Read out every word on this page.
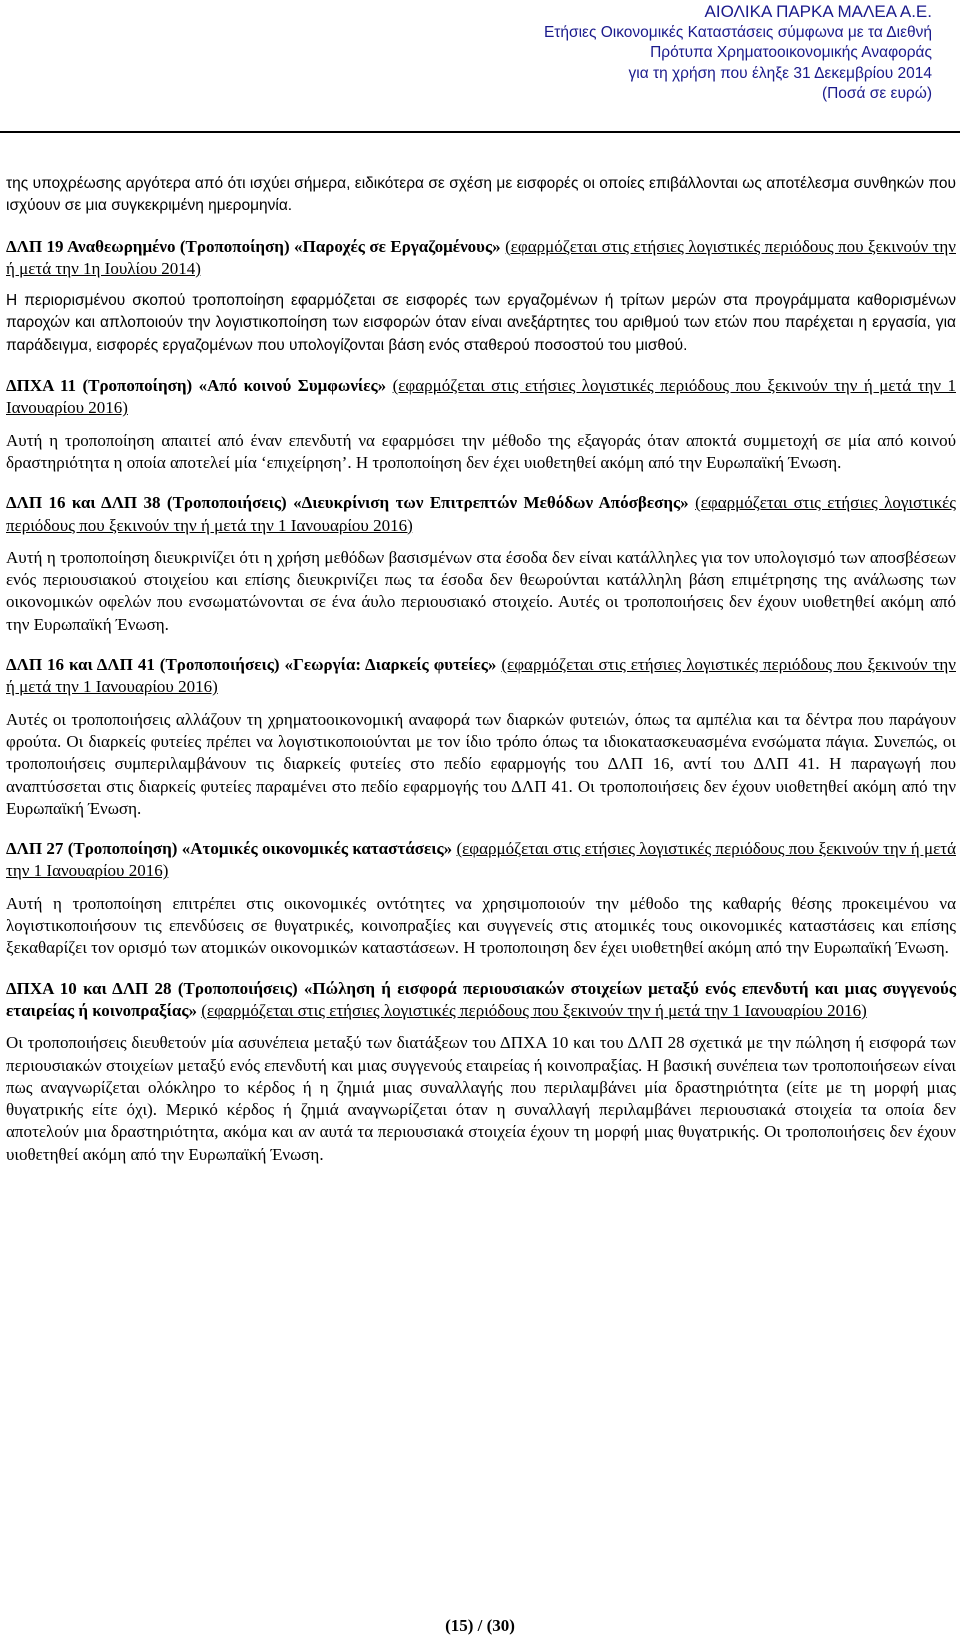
ΑΙΟΛΙΚΑ ΠΑΡΚΑ ΜΑΛΕΑ Α.Ε.
Ετήσιες Οικονομικές Καταστάσεις σύμφωνα με τα Διεθνή
Πρότυπα Χρηματοοικονομικής Αναφοράς
για τη χρήση που έληξε 31 Δεκεμβρίου 2014
(Ποσά σε ευρώ)

της υποχρέωσης αργότερα από ότι ισχύει σήμερα, ειδικότερα σε σχέση με εισφορές οι οποίες επιβάλλονται ως αποτέλεσμα συνθηκών που ισχύουν σε μια συγκεκριμένη ημερομηνία.

ΔΛΠ 19 Αναθεωρημένο (Τροποποίηση) «Παροχές σε Εργαζομένους» (εφαρμόζεται στις ετήσιες λογιστικές περιόδους που ξεκινούν την ή μετά την 1η Ιουλίου 2014)

Η περιορισμένου σκοπού τροποποίηση εφαρμόζεται σε εισφορές των εργαζομένων ή τρίτων μερών στα προγράμματα καθορισμένων παροχών και απλοποιούν την λογιστικοποίηση των εισφορών όταν είναι ανεξάρτητες του αριθμού των ετών που παρέχεται η εργασία, για παράδειγμα, εισφορές εργαζομένων που υπολογίζονται βάση ενός σταθερού ποσοστού του μισθού.

ΔΠΧΑ 11 (Τροποποίηση) «Από κοινού Συμφωνίες» (εφαρμόζεται στις ετήσιες λογιστικές περιόδους που ξεκινούν την ή μετά την 1 Ιανουαρίου 2016)

Αυτή η τροποποίηση απαιτεί από έναν επενδυτή να εφαρμόσει την μέθοδο της εξαγοράς όταν αποκτά συμμετοχή σε μία από κοινού δραστηριότητα η οποία αποτελεί μία ‘επιχείρηση’. Η τροποποίηση δεν έχει υιοθετηθεί ακόμη από την Ευρωπαϊκή Ένωση.

ΔΛΠ 16 και ΔΛΠ 38 (Τροποποιήσεις) «Διευκρίνιση των Επιτρεπτών Μεθόδων Απόσβεσης» (εφαρμόζεται στις ετήσιες λογιστικές περιόδους που ξεκινούν την ή μετά την 1 Ιανουαρίου 2016)

Αυτή η τροποποίηση διευκρινίζει ότι η χρήση μεθόδων βασισμένων στα έσοδα δεν είναι κατάλληλες για τον υπολογισμό των αποσβέσεων ενός περιουσιακού στοιχείου και επίσης διευκρινίζει πως τα έσοδα δεν θεωρούνται κατάλληλη βάση επιμέτρησης της ανάλωσης των οικονομικών οφελών που ενσωματώνονται σε ένα άυλο περιουσιακό στοιχείο. Αυτές οι τροποποιήσεις δεν έχουν υιοθετηθεί ακόμη από την Ευρωπαϊκή Ένωση.

ΔΛΠ 16 και ΔΛΠ 41 (Τροποποιήσεις) «Γεωργία: Διαρκείς φυτείες» (εφαρμόζεται στις ετήσιες λογιστικές περιόδους που ξεκινούν την ή μετά την 1 Ιανουαρίου 2016)

Αυτές οι τροποποιήσεις αλλάζουν τη χρηματοοικονομική αναφορά των διαρκών φυτειών, όπως τα αμπέλια και τα δέντρα που παράγουν φρούτα. Οι διαρκείς φυτείες πρέπει να λογιστικοποιούνται με τον ίδιο τρόπο όπως τα ιδιοκατασκευασμένα ενσώματα πάγια. Συνεπώς, οι τροποποιήσεις συμπεριλαμβάνουν τις διαρκείς φυτείες στο πεδίο εφαρμογής του ΔΛΠ 16, αντί του ΔΛΠ 41. Η παραγωγή που αναπτύσσεται στις διαρκείς φυτείες παραμένει στο πεδίο εφαρμογής του ΔΛΠ 41. Οι τροποποιήσεις δεν έχουν υιοθετηθεί ακόμη από την Ευρωπαϊκή Ένωση.

ΔΛΠ 27 (Τροποποίηση) «Ατομικές οικονομικές καταστάσεις» (εφαρμόζεται στις ετήσιες λογιστικές περιόδους που ξεκινούν την ή μετά την 1 Ιανουαρίου 2016)

Αυτή η τροποποίηση επιτρέπει στις οικονομικές οντότητες να χρησιμοποιούν την μέθοδο της καθαρής θέσης προκειμένου να λογιστικοποιήσουν τις επενδύσεις σε θυγατρικές, κοινοπραξίες και συγγενείς στις ατομικές τους οικονομικές καταστάσεις και επίσης ξεκαθαρίζει τον ορισμό των ατομικών οικονομικών καταστάσεων. Η τροποποιηση δεν έχει υιοθετηθεί ακόμη από την Ευρωπαϊκή Ένωση.

ΔΠΧΑ 10 και ΔΛΠ 28 (Τροποποιήσεις) «Πώληση ή εισφορά περιουσιακών στοιχείων μεταξύ ενός επενδυτή και μιας συγγενούς εταιρείας ή κοινοπραξίας» (εφαρμόζεται στις ετήσιες λογιστικές περιόδους που ξεκινούν την ή μετά την 1 Ιανουαρίου 2016)

Οι τροποποιήσεις διευθετούν μία ασυνέπεια μεταξύ των διατάξεων του ΔΠΧΑ 10 και του ΔΛΠ 28 σχετικά με την πώληση ή εισφορά των περιουσιακών στοιχείων μεταξύ ενός επενδυτή και μιας συγγενούς εταιρείας ή κοινοπραξίας. Η βασική συνέπεια των τροποποιήσεων είναι πως αναγνωρίζεται ολόκληρο το κέρδος ή η ζημιά μιας συναλλαγής που περιλαμβάνει μία δραστηριότητα (είτε με τη μορφή μιας θυγατρικής είτε όχι). Μερικό κέρδος ή ζημιά αναγνωρίζεται όταν η συναλλαγή περιλαμβάνει περιουσιακά στοιχεία τα οποία δεν αποτελούν μια δραστηριότητα, ακόμα και αν αυτά τα περιουσιακά στοιχεία έχουν τη μορφή μιας θυγατρικής. Οι τροποποιήσεις δεν έχουν υιοθετηθεί ακόμη από την Ευρωπαϊκή Ένωση.

(15) / (30)
